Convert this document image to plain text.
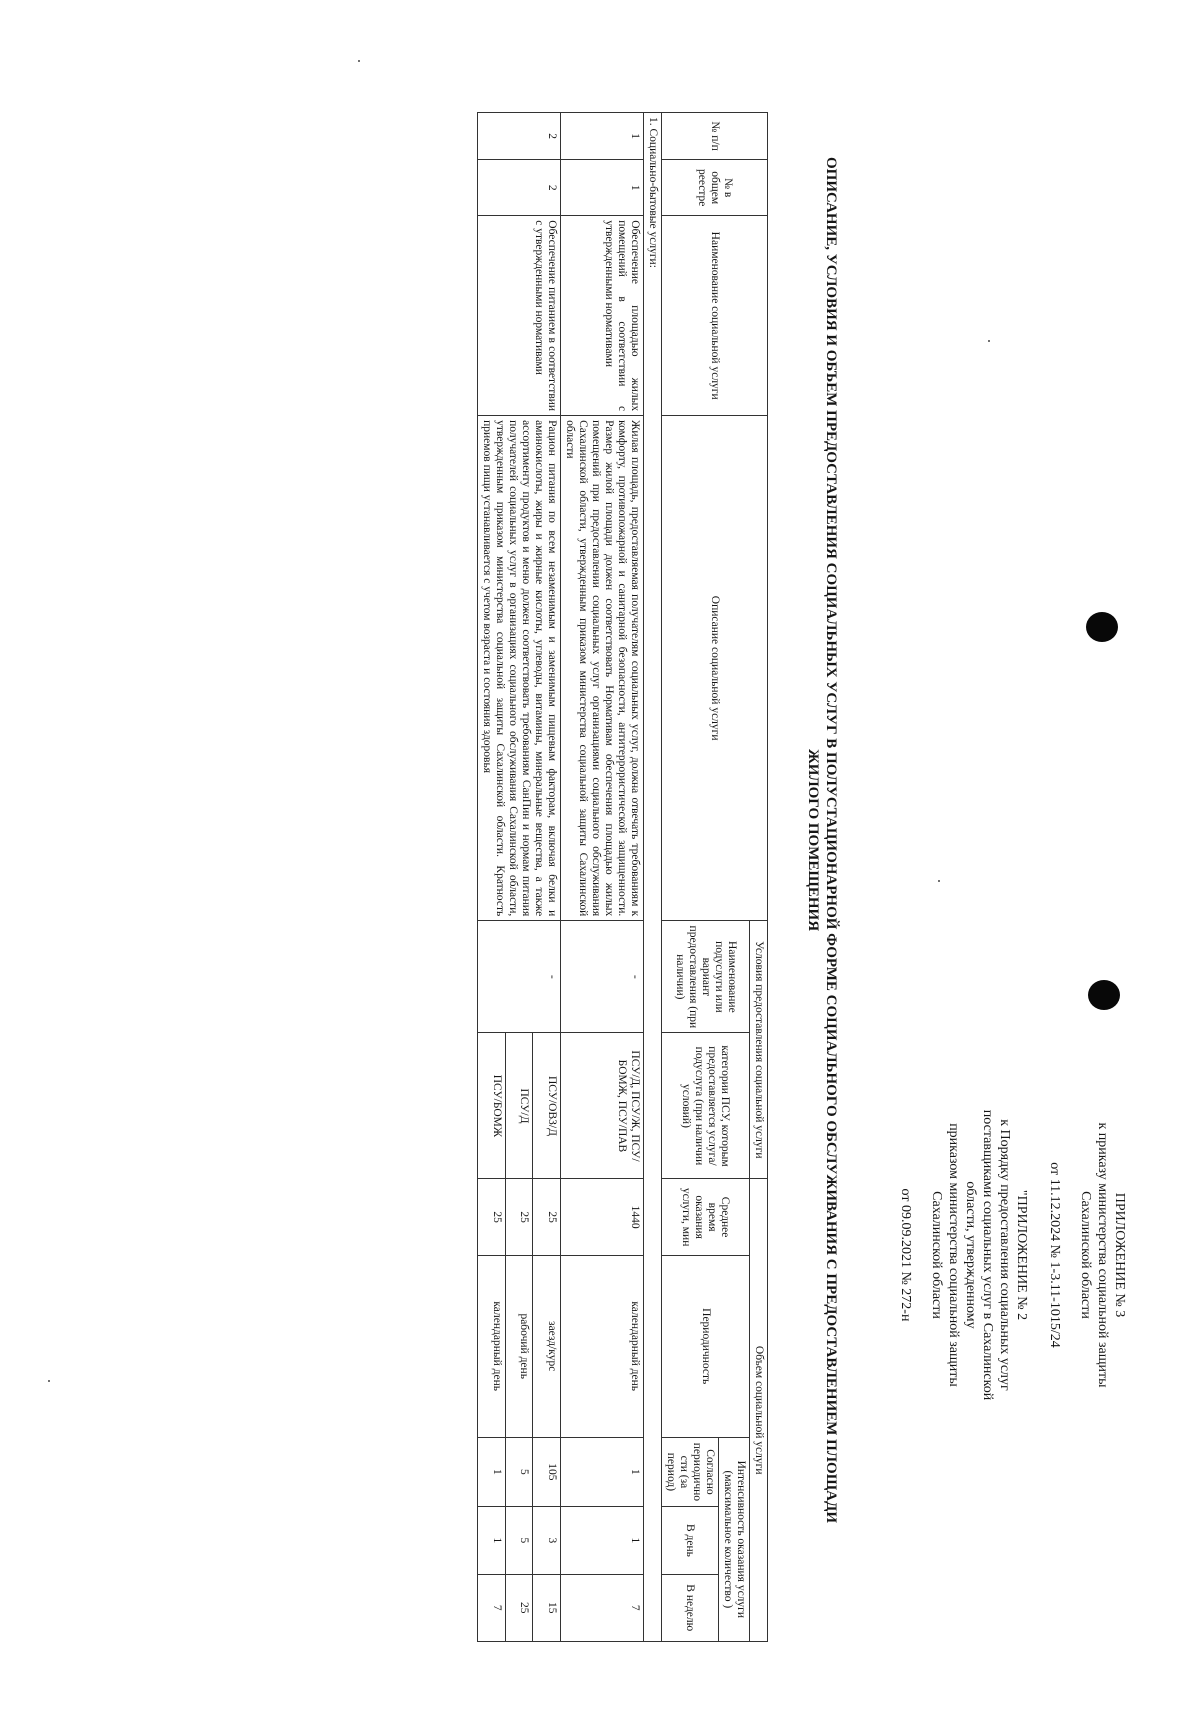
ПРИЛОЖЕНИЕ № 3
к приказу министерства социальной защиты
Сахалинской области
от 11.12.2024 № 1-3.11-1015/24
"ПРИЛОЖЕНИЕ № 2
к Порядку предоставления социальных услуг
поставщиками социальных услуг в Сахалинской
области, утвержденному
приказом министерства социальной защиты
Сахалинской области
от 09.09.2021 № 272-н
ОПИСАНИЕ, УСЛОВИЯ И ОБЪЕМ ПРЕДОСТАВЛЕНИЯ СОЦИАЛЬНЫХ УСЛУГ В ПОЛУСТАЦИОНАРНОЙ ФОРМЕ СОЦИАЛЬНОГО ОБСЛУЖИВАНИЯ С ПРЕДОСТАВЛЕНИЕМ ПЛОЩАДИ ЖИЛОГО ПОМЕЩЕНИЯ
№ п/п	№ в общем реестре	Наименование социальной услуги	Описание социальной услуги	Условия предоставления социальной услуги		Объем социальной услуги				
				Наименование подуслуги или вариант предоставления (при наличии)	категории ПСУ, которым предоставляется услуга/ подуслуга (при наличии условий)	Среднее время оказания услуги, мин	Периодичность	Интенсивность оказания услуги (максимальное количество )		
								Согласно периодично сти (за период)	В день	В неделю
1. Социально-бытовые услуги:										
1	1	Обеспечение площадью жилых помещений в соответствии с утвержденными нормативами	Жилая площадь, предоставляемая получателям социальных услуг, должна отвечать требованиям к комфорту, противопожарной и санитарной безопасности, антитеррористической защищенности. Размер жилой площади должен соответствовать Нормативам обеспечения площадью жилых помещений при предоставлении социальных услуг организациями социального обслуживания Сахалинской области, утвержденным приказом министерства социальной защиты Сахалинской области	-	ПСУ/Д, ПСУ/Ж, ПСУ/БОМЖ, ПСУ/ПАВ	1440	календарный день	1	1	7
2	2	Обеспечение питанием в соответствии с утвержденными нормативами	Рацион питания по всем незаменимым и заменимым пищевым факторам, включая белки и аминокислоты, жиры и жирные кислоты, углеводы, витамины, минеральные вещества, а также ассортименту продуктов и меню должен соответствовать требованиям СанПин и нормам питания получателей социальных услуг в организациях социального обслуживания Сахалинской области, утвержденным приказом министерства социальной защиты Сахалинской области. Кратность приемов пищи устанавливается с учетом возраста и состояния здоровья	-	ПСУ/ОВЗ/Д	25	заезд/курс	105	3	15
					ПСУ/Д	25	рабочий день	5	5	25
					ПСУ/БОМЖ	25	календарный день	1	1	7
